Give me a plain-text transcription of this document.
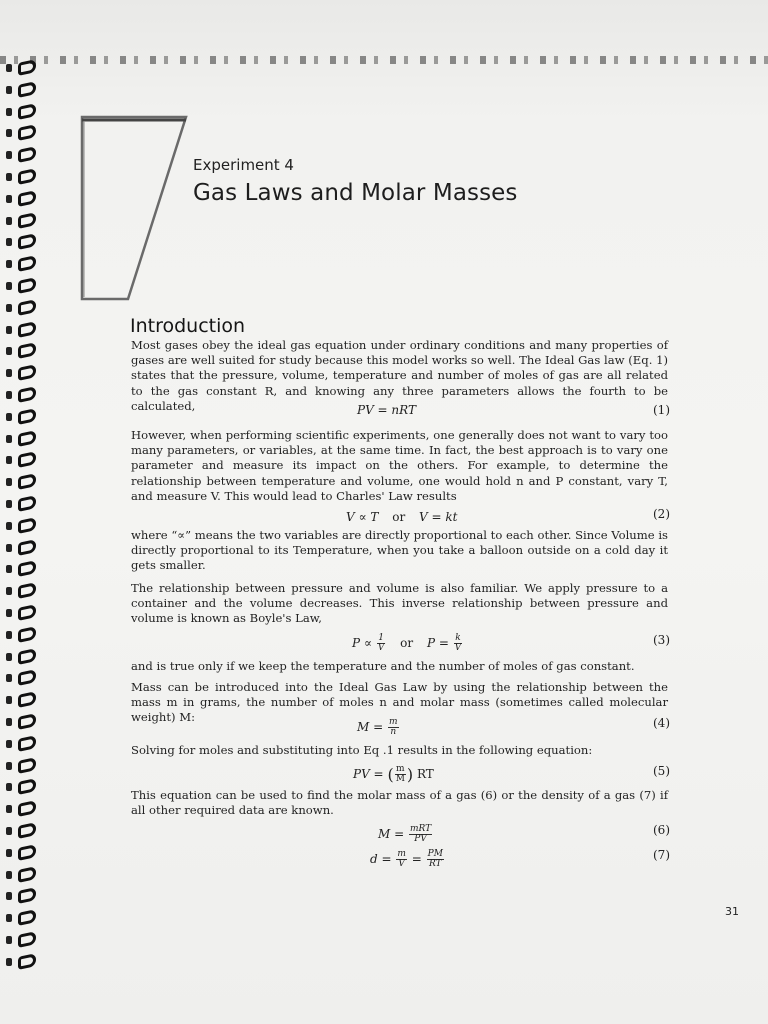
Experiment 4
Gas Laws and Molar Masses
Introduction
Most gases obey the ideal gas equation under ordinary conditions and many properties of gases are well suited for study because this model works so well. The Ideal Gas law (Eq. 1) states that the pressure, volume, temperature and number of moles of gas are all related to the gas constant R, and knowing any three parameters allows the fourth to be calculated,	PV = nRT	(1)
However, when performing scientific experiments, one generally does not want to vary too many parameters, or variables, at the same time. In fact, the best approach is to vary one parameter and measure its impact on the others. For example, to determine the relationship between temperature and volume, one would hold n and P constant, vary T, and measure V. This would lead to Charles' Law results
V ∝ T or V = kt	(2)
where “∝” means the two variables are directly proportional to each other. Since Volume is directly proportional to its Temperature, when you take a balloon outside on a cold day it gets smaller.
The relationship between pressure and volume is also familiar. We apply pressure to a container and the volume decreases. This inverse relationship between pressure and volume is known as Boyle's Law,
$P \propto \frac{1}{V}$ or $P = \frac{k}{V}$	(3)
and is true only if we keep the temperature and the number of moles of gas constant.
Mass can be introduced into the Ideal Gas Law by using the relationship between the mass m in grams, the number of moles n and molar mass (sometimes called molecular weight) M:
$M = \frac{m}{n}$	(4)
Solving for moles and substituting into Eq .1 results in the following equation:
PV = ( $\frac{m}{M}$ ) RT	(5)
This equation can be used to find the molar mass of a gas (6) or the density of a gas (7) if all other required data are known.
$M = \frac{\text{mRT}}{PV}$	(6)
$d = \frac{m}{V} = \frac{PM}{RT}$	(7)
31
